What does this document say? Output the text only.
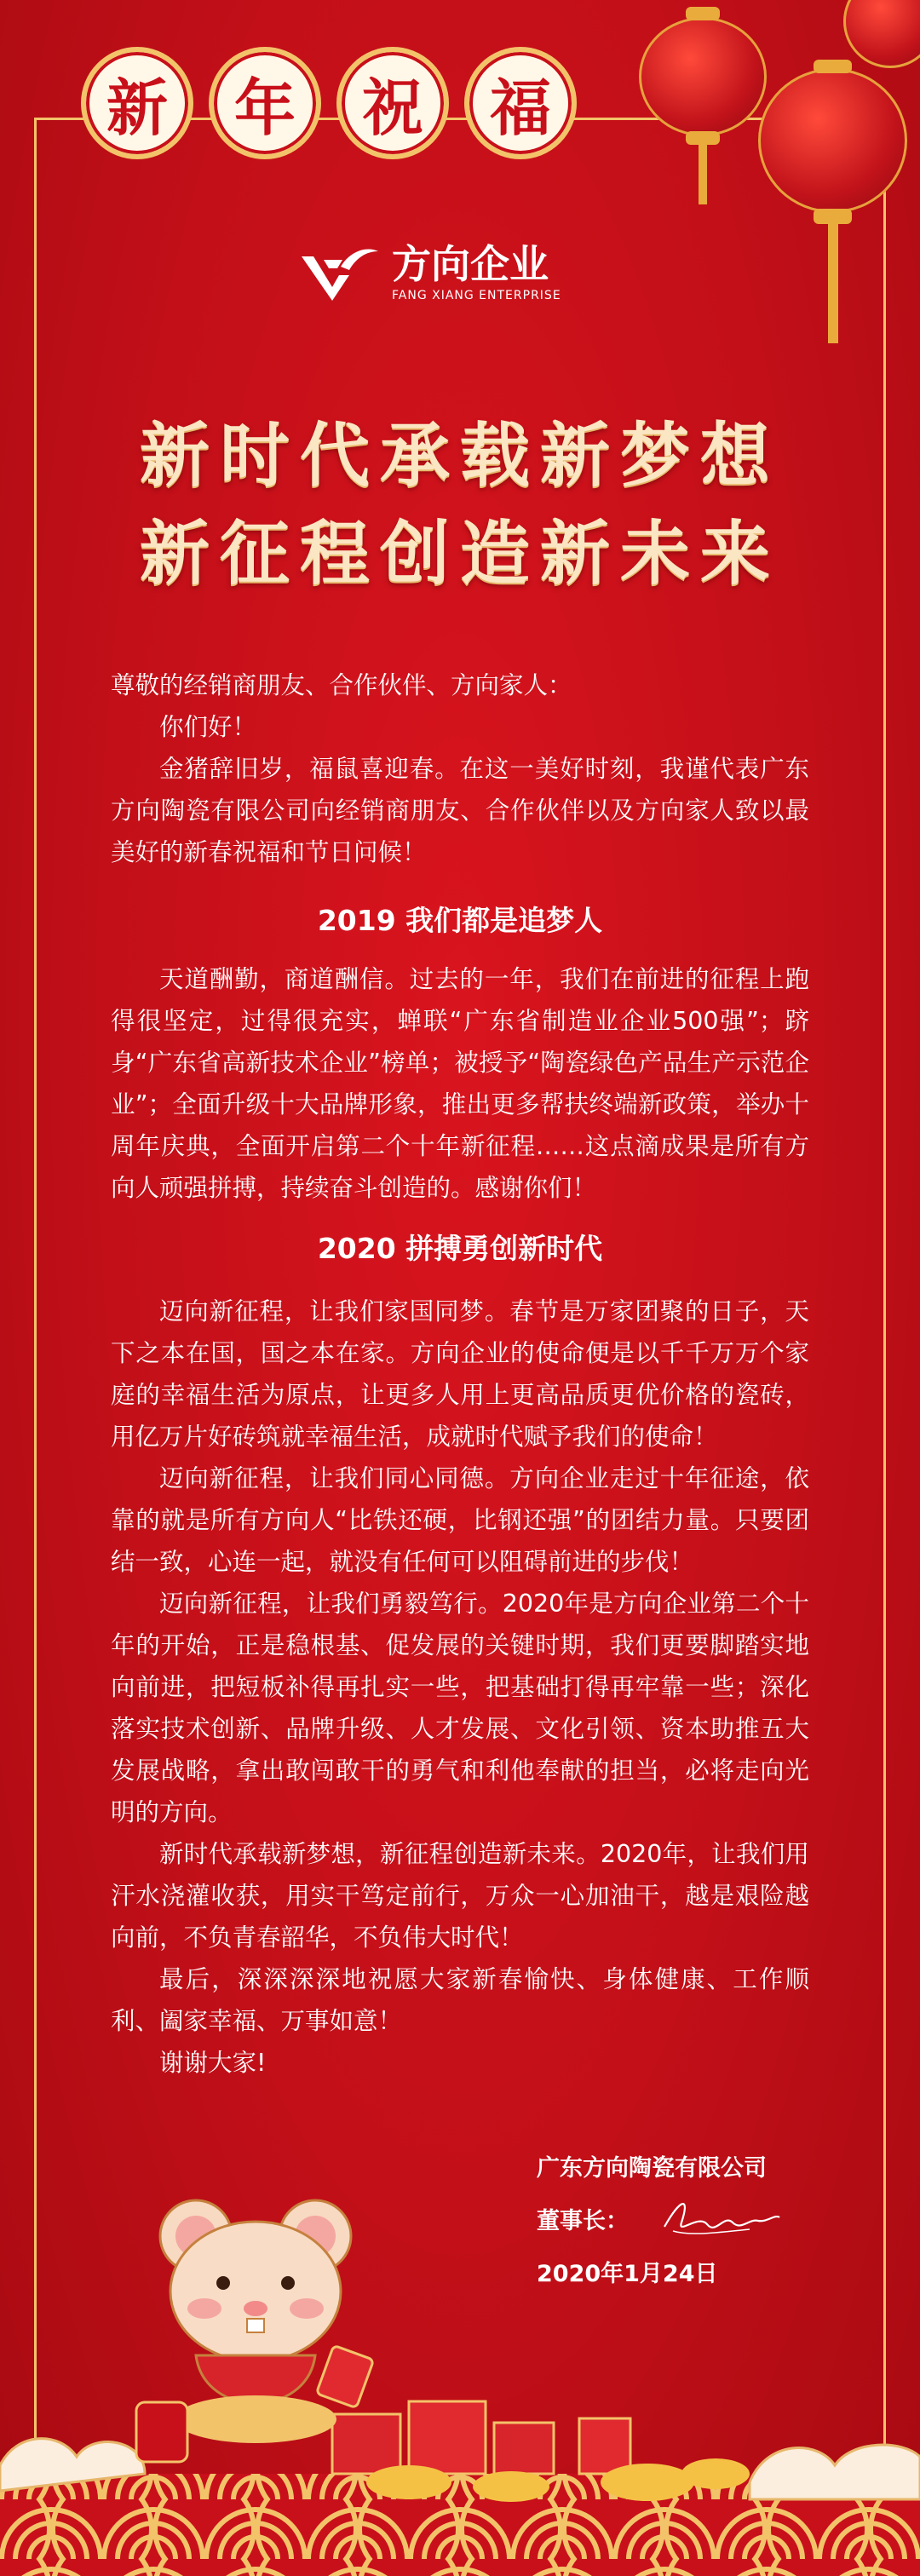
新	年	祝	福
方向企业
FANG XIANG ENTERPRISE
新时代承载新梦想
新征程创造新未来

尊敬的经销商朋友、合作伙伴、方向家人：

你们好！

金猪辞旧岁，福鼠喜迎春。在这一美好时刻，我谨代表广东方向陶瓷有限公司向经销商朋友、合作伙伴以及方向家人致以最美好的新春祝福和节日问候！

2019 我们都是追梦人

天道酬勤，商道酬信。过去的一年，我们在前进的征程上跑得很坚定，过得很充实，蝉联“广东省制造业企业500强”；跻身“广东省高新技术企业”榜单；被授予“陶瓷绿色产品生产示范企业”；全面升级十大品牌形象，推出更多帮扶终端新政策，举办十周年庆典，全面开启第二个十年新征程……这点滴成果是所有方向人顽强拼搏，持续奋斗创造的。感谢你们！

2020 拼搏勇创新时代

迈向新征程，让我们家国同梦。春节是万家团聚的日子，天下之本在国，国之本在家。方向企业的使命便是以千千万万个家庭的幸福生活为原点，让更多人用上更高品质更优价格的瓷砖，用亿万片好砖筑就幸福生活，成就时代赋予我们的使命！

迈向新征程，让我们同心同德。方向企业走过十年征途，依靠的就是所有方向人“比铁还硬，比钢还强”的团结力量。只要团结一致，心连一起，就没有任何可以阻碍前进的步伐！

迈向新征程，让我们勇毅笃行。2020年是方向企业第二个十年的开始，正是稳根基、促发展的关键时期，我们更要脚踏实地向前进，把短板补得再扎实一些，把基础打得再牢靠一些；深化落实技术创新、品牌升级、人才发展、文化引领、资本助推五大发展战略，拿出敢闯敢干的勇气和利他奉献的担当，必将走向光明的方向。

新时代承载新梦想，新征程创造新未来。2020年，让我们用汗水浇灌收获，用实干笃定前行，万众一心加油干，越是艰险越向前，不负青春韶华，不负伟大时代！

最后，深深深深地祝愿大家新春愉快、身体健康、工作顺利、阖家幸福、万事如意！

谢谢大家!

广东方向陶瓷有限公司
董事长：
2020年1月24日
